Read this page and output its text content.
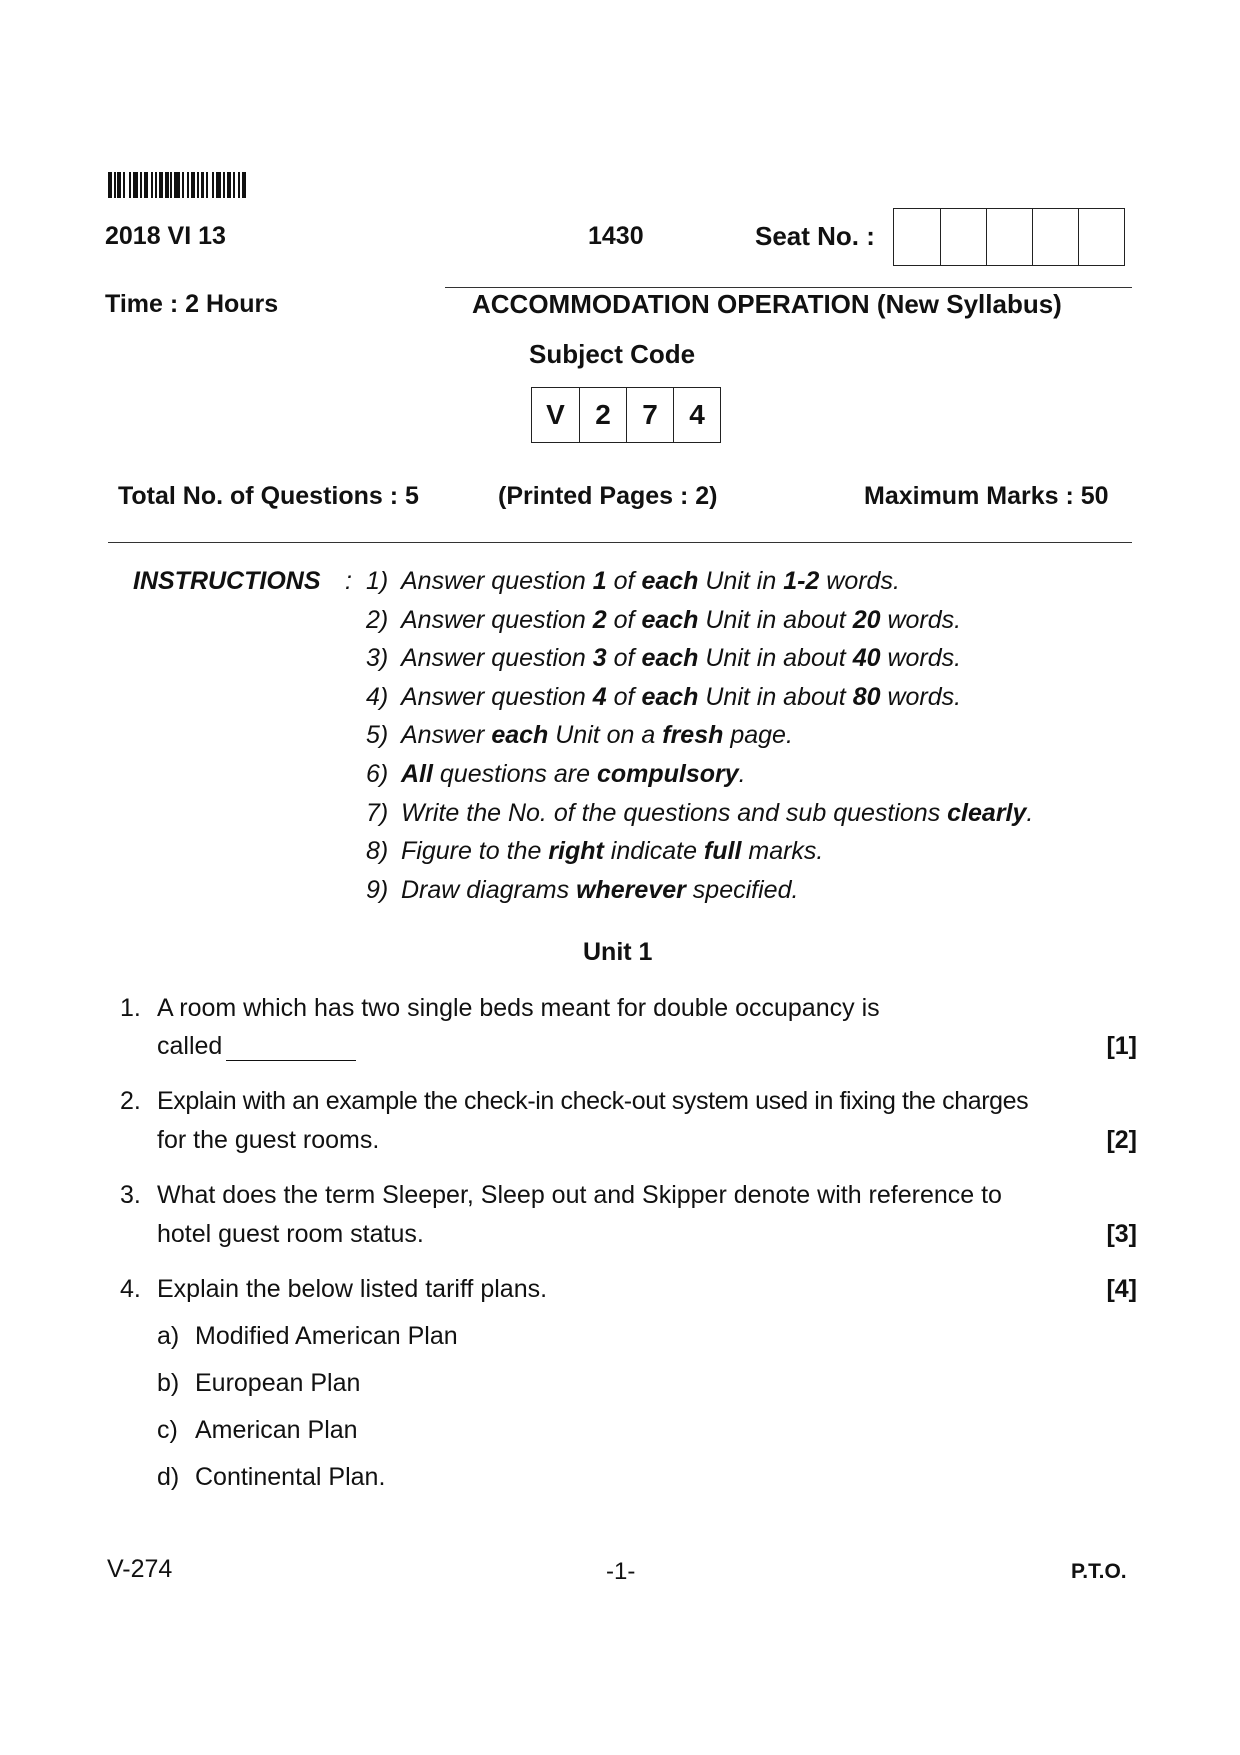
2018 VI 13	1430	Seat No. :
Time : 2 Hours	ACCOMMODATION OPERATION (New Syllabus)
Subject Code
V	2	7	4
Total No. of Questions : 5	(Printed Pages : 2)	Maximum Marks : 50
INSTRUCTIONS : 1) Answer question 1 of each Unit in 1-2 words.
2) Answer question 2 of each Unit in about 20 words.
3) Answer question 3 of each Unit in about 40 words.
4) Answer question 4 of each Unit in about 80 words.
5) Answer each Unit on a fresh page.
6) All questions are compulsory.
7) Write the No. of the questions and sub questions clearly.
8) Figure to the right indicate full marks.
9) Draw diagrams wherever specified.
Unit 1
1. A room which has two single beds meant for double occupancy is
called	[1]
2. Explain with an example the check-in check-out system used in fixing the charges
for the guest rooms.	[2]
3. What does the term Sleeper, Sleep out and Skipper denote with reference to
hotel guest room status.	[3]
4. Explain the below listed tariff plans.	[4]
a) Modified American Plan
b) European Plan
c) American Plan
d) Continental Plan.
V-274	-1-	P.T.O.
